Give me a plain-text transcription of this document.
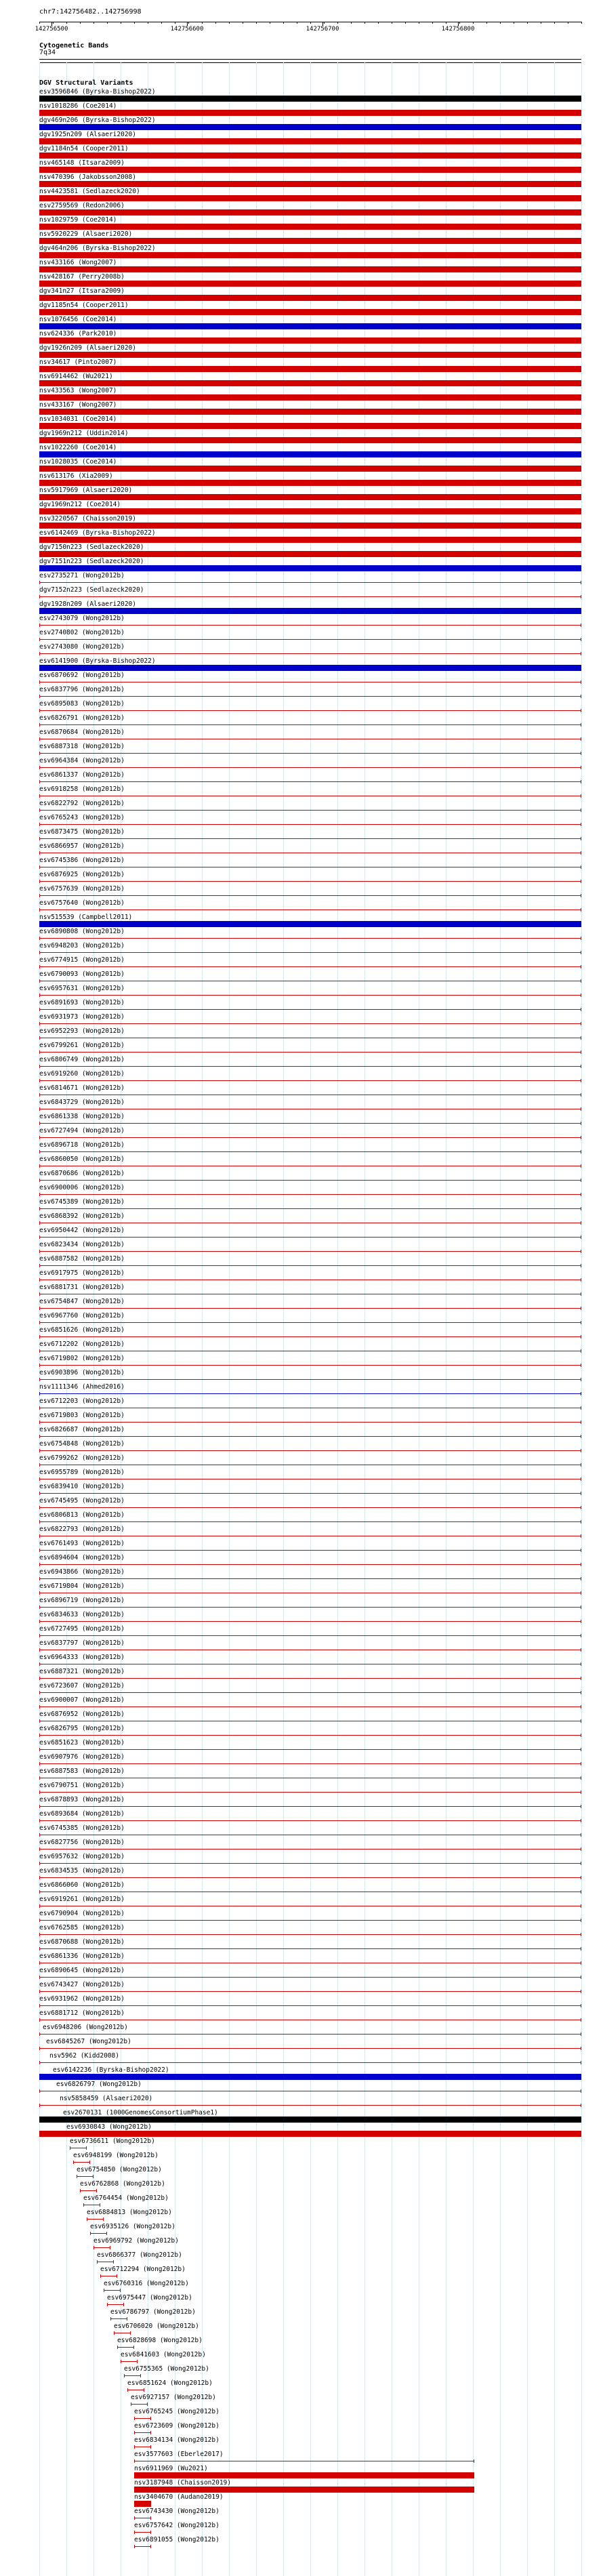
chr7:142756482..142756998
142756500	142756600	142756700	142756800
Cytogenetic Bands
7q34
DGV Structural Variants
esv3596846 (Byrska-Bishop2022)
nsv1018286 (Coe2014)
dgv469n206 (Byrska-Bishop2022)
dgv1925n209 (Alsaeri2020)
dgv1184n54 (Cooper2011)
nsv465148 (Itsara2009)
nsv470396 (Jakobsson2008)
nsv4423581 (Sedlazeck2020)
esv2759569 (Redon2006)
nsv1029759 (Coe2014)
nsv5920229 (Alsaeri2020)
dgv464n206 (Byrska-Bishop2022)
nsv433166 (Wong2007)
nsv428167 (Perry2008b)
dgv341n27 (Itsara2009)
dgv1185n54 (Cooper2011)
nsv1076456 (Coe2014)
nsv624336 (Park2010)
dgv1926n209 (Alsaeri2020)
nsv34617 (Pinto2007)
nsv6914462 (Wu2021)
nsv433563 (Wong2007)
nsv433167 (Wong2007)
nsv1034031 (Coe2014)
dgv1969n212 (Uddin2014)
nsv1022260 (Coe2014)
nsv1028035 (Coe2014)
nsv613176 (Xia2009)
nsv5917969 (Alsaeri2020)
dgv1969n212 (Coe2014)
nsv3220567 (Chaisson2019)
esv6142469 (Byrska-Bishop2022)
dgv7150n223 (Sedlazeck2020)
dgv7151n223 (Sedlazeck2020)
esv2735271 (Wong2012b)
dgv7152n223 (Sedlazeck2020)
dgv1928n209 (Alsaeri2020)
esv2743079 (Wong2012b)
esv2740802 (Wong2012b)
esv2743080 (Wong2012b)
esv6141900 (Byrska-Bishop2022)
esv6870692 (Wong2012b)
esv6837796 (Wong2012b)
esv6895083 (Wong2012b)
esv6826791 (Wong2012b)
esv6870684 (Wong2012b)
esv6887318 (Wong2012b)
esv6964384 (Wong2012b)
esv6861337 (Wong2012b)
esv6918258 (Wong2012b)
esv6822792 (Wong2012b)
esv6765243 (Wong2012b)
esv6873475 (Wong2012b)
esv6866957 (Wong2012b)
esv6745386 (Wong2012b)
esv6876925 (Wong2012b)
esv6757639 (Wong2012b)
esv6757640 (Wong2012b)
nsv515539 (Campbell2011)
esv6890808 (Wong2012b)
esv6948203 (Wong2012b)
esv6774915 (Wong2012b)
esv6790093 (Wong2012b)
esv6957631 (Wong2012b)
esv6891693 (Wong2012b)
esv6931973 (Wong2012b)
esv6952293 (Wong2012b)
esv6799261 (Wong2012b)
esv6806749 (Wong2012b)
esv6919260 (Wong2012b)
esv6814671 (Wong2012b)
esv6843729 (Wong2012b)
esv6861338 (Wong2012b)
esv6727494 (Wong2012b)
esv6896718 (Wong2012b)
esv6860050 (Wong2012b)
esv6870686 (Wong2012b)
esv6900006 (Wong2012b)
esv6745389 (Wong2012b)
esv6868392 (Wong2012b)
esv6950442 (Wong2012b)
esv6823434 (Wong2012b)
esv6887582 (Wong2012b)
esv6917975 (Wong2012b)
esv6881731 (Wong2012b)
esv6754847 (Wong2012b)
esv6967760 (Wong2012b)
esv6851626 (Wong2012b)
esv6712202 (Wong2012b)
esv6719802 (Wong2012b)
esv6903896 (Wong2012b)
nsv1111346 (Ahmed2016)
esv6712203 (Wong2012b)
esv6719803 (Wong2012b)
esv6826687 (Wong2012b)
esv6754848 (Wong2012b)
esv6799262 (Wong2012b)
esv6955789 (Wong2012b)
esv6839410 (Wong2012b)
esv6745495 (Wong2012b)
esv6806813 (Wong2012b)
esv6822793 (Wong2012b)
esv6761493 (Wong2012b)
esv6894604 (Wong2012b)
esv6943866 (Wong2012b)
esv6719804 (Wong2012b)
esv6896719 (Wong2012b)
esv6834633 (Wong2012b)
esv6727495 (Wong2012b)
esv6837797 (Wong2012b)
esv6964333 (Wong2012b)
esv6887321 (Wong2012b)
esv6723607 (Wong2012b)
esv6900007 (Wong2012b)
esv6876952 (Wong2012b)
esv6826795 (Wong2012b)
esv6851623 (Wong2012b)
esv6907976 (Wong2012b)
esv6887583 (Wong2012b)
esv6790751 (Wong2012b)
esv6878893 (Wong2012b)
esv6893684 (Wong2012b)
esv6745385 (Wong2012b)
esv6827756 (Wong2012b)
esv6957632 (Wong2012b)
esv6834535 (Wong2012b)
esv6866060 (Wong2012b)
esv6919261 (Wong2012b)
esv6790904 (Wong2012b)
esv6762585 (Wong2012b)
esv6870688 (Wong2012b)
esv6861336 (Wong2012b)
esv6890645 (Wong2012b)
esv6743427 (Wong2012b)
esv6931962 (Wong2012b)
esv6881712 (Wong2012b)
esv6948206 (Wong2012b)
esv6845267 (Wong2012b)
nsv5962 (Kidd2008)
esv6142236 (Byrska-Bishop2022)
esv6826797 (Wong2012b)
nsv5858459 (Alsaeri2020)
esv2670131 (1000GenomesConsortiumPhase1)
esv6930843 (Wong2012b)
esv6736611 (Wong2012b)
esv6948199 (Wong2012b)
esv6754850 (Wong2012b)
esv6762868 (Wong2012b)
esv6764454 (Wong2012b)
esv6884813 (Wong2012b)
esv6935126 (Wong2012b)
esv6969792 (Wong2012b)
esv6866377 (Wong2012b)
esv6712294 (Wong2012b)
esv6760316 (Wong2012b)
esv6975447 (Wong2012b)
esv6786797 (Wong2012b)
esv6706020 (Wong2012b)
esv6828698 (Wong2012b)
esv6841603 (Wong2012b)
esv6755365 (Wong2012b)
esv6851624 (Wong2012b)
esv6927157 (Wong2012b)
esv6765245 (Wong2012b)
esv6723609 (Wong2012b)
esv6834134 (Wong2012b)
esv3577603 (Eberle2017)
nsv6911969 (Wu2021)
nsv3187948 (Chaisson2019)
nsv3404670 (Audano2019)
esv6743430 (Wong2012b)
esv6757642 (Wong2012b)
esv6891055 (Wong2012b)
